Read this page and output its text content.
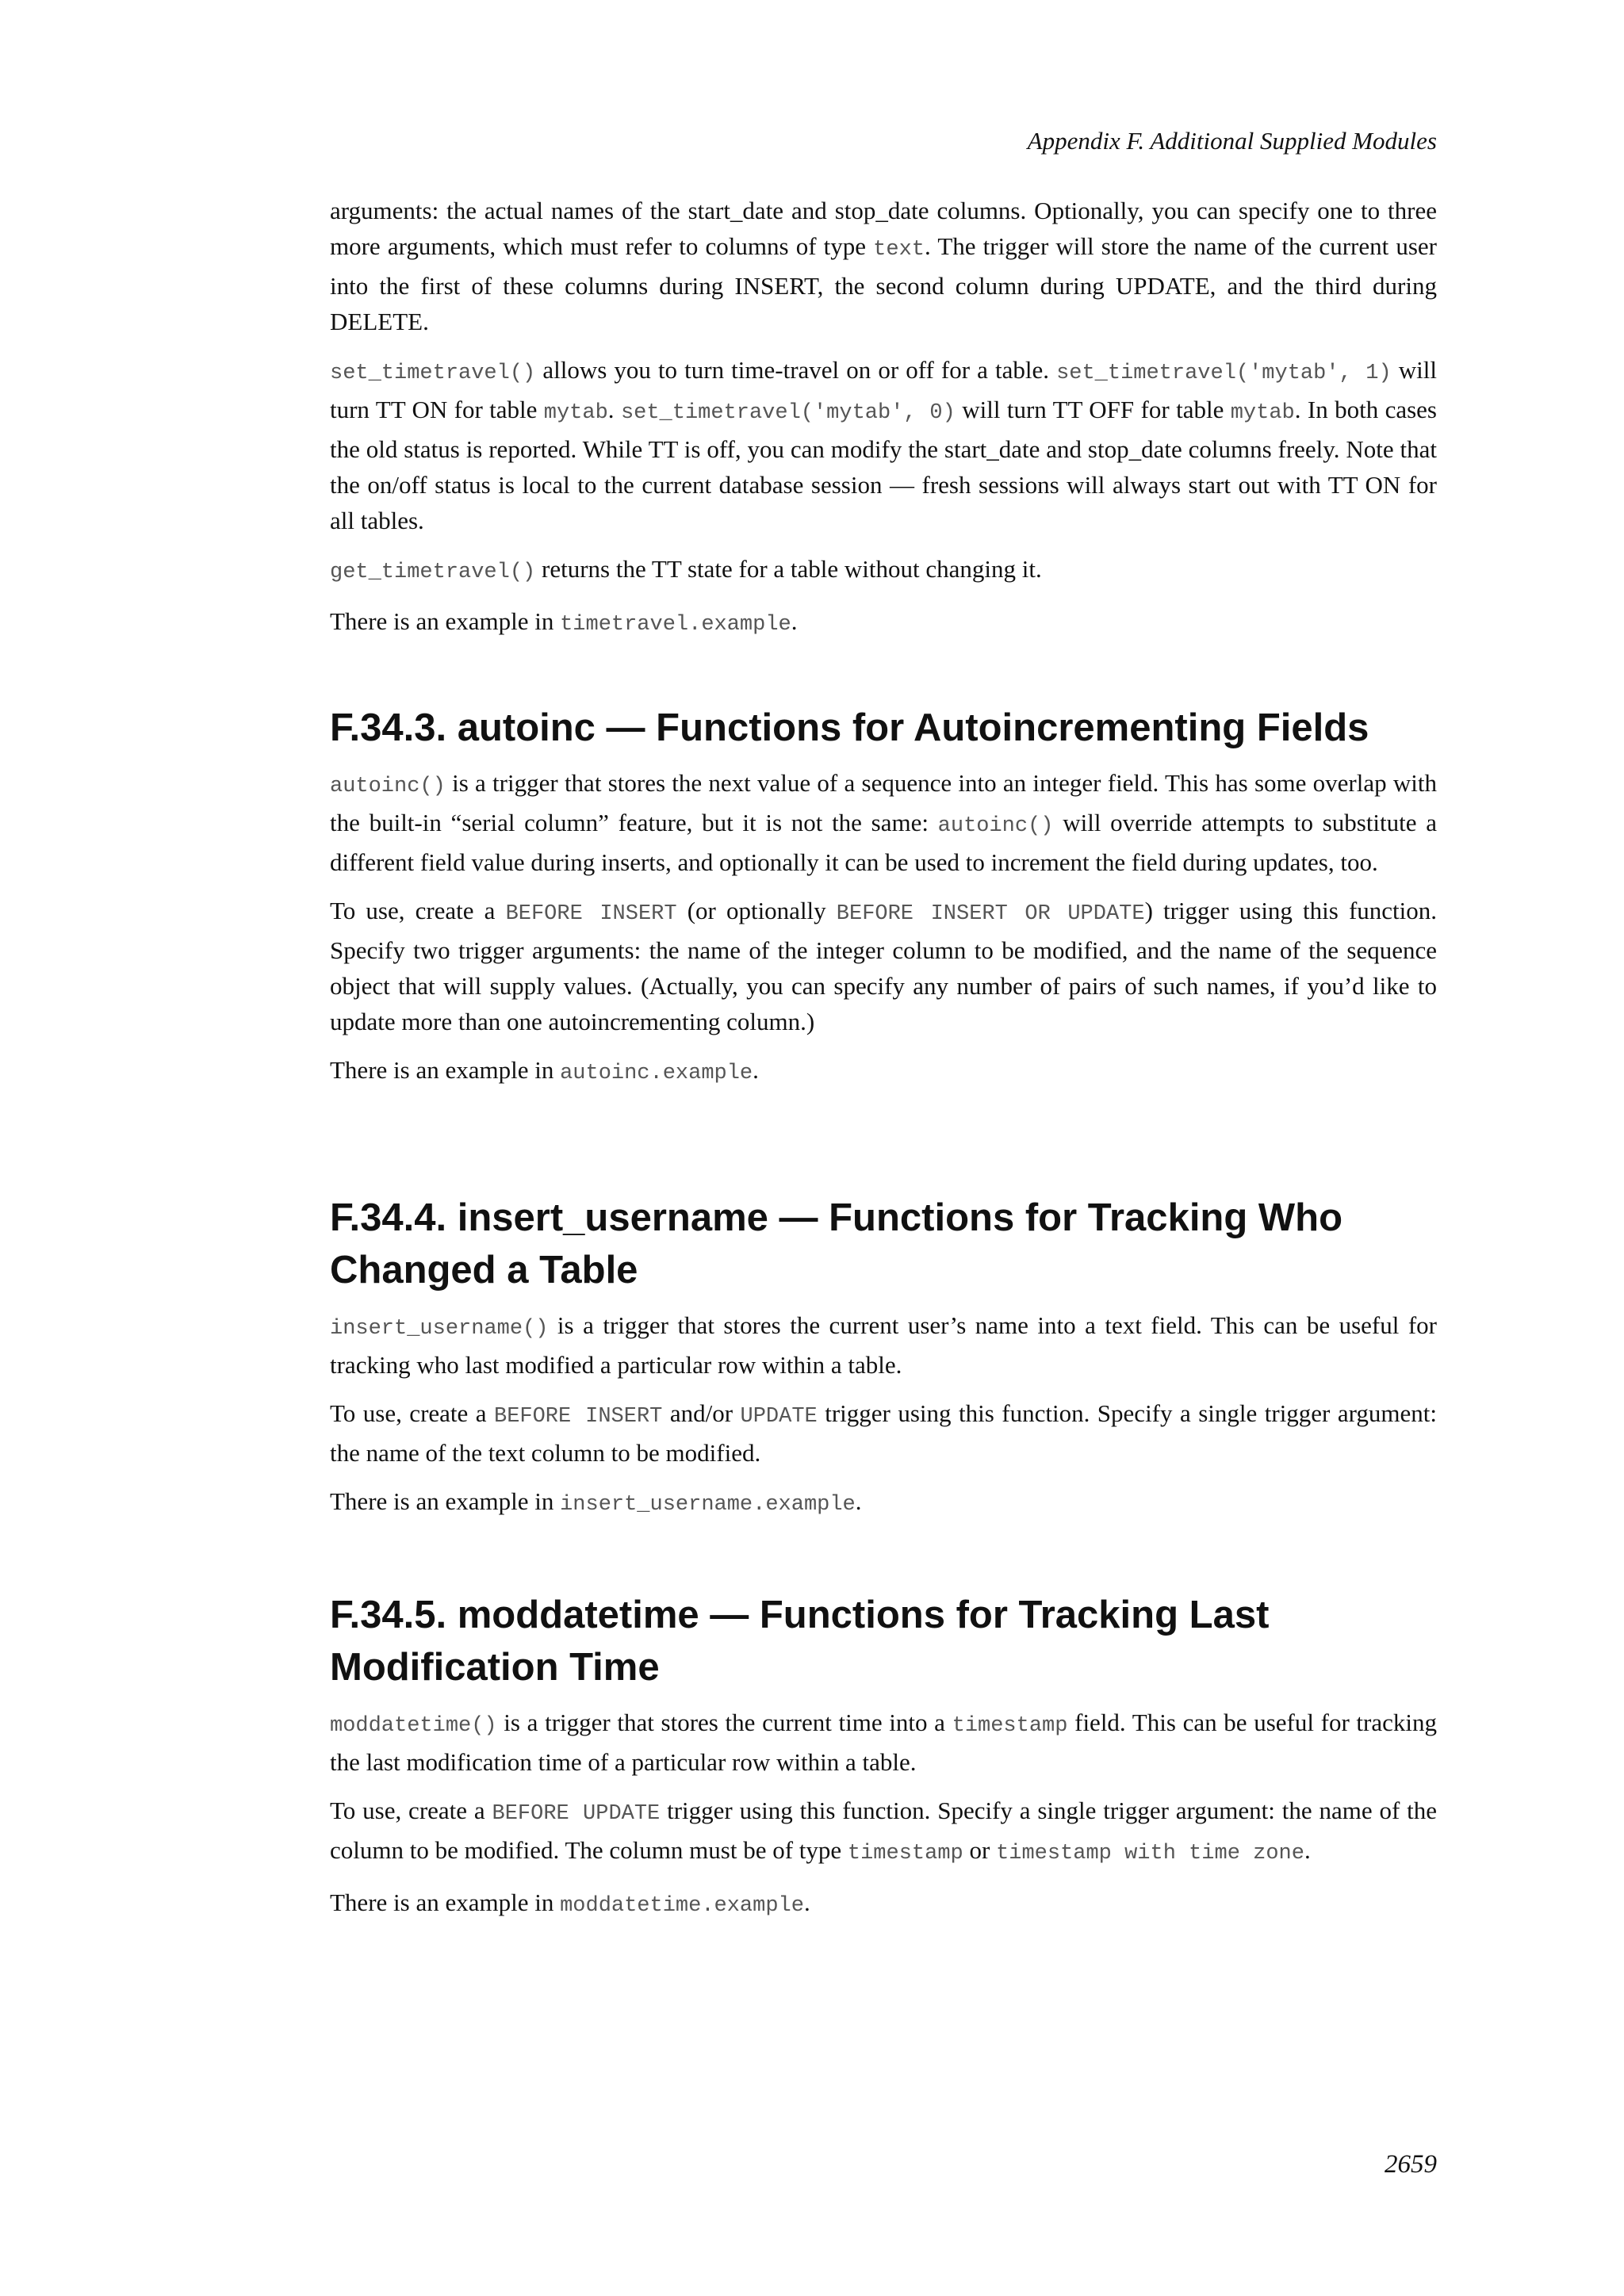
Appendix F. Additional Supplied Modules

arguments: the actual names of the start_date and stop_date columns. Optionally, you can specify one to three more arguments, which must refer to columns of type text. The trigger will store the name of the current user into the first of these columns during INSERT, the second column during UPDATE, and the third during DELETE.

set_timetravel() allows you to turn time-travel on or off for a table. set_timetravel('mytab', 1) will turn TT ON for table mytab. set_timetravel('mytab', 0) will turn TT OFF for table mytab. In both cases the old status is reported. While TT is off, you can modify the start_date and stop_date columns freely. Note that the on/off status is local to the current database session — fresh sessions will always start out with TT ON for all tables.

get_timetravel() returns the TT state for a table without changing it.

There is an example in timetravel.example.

F.34.3. autoinc — Functions for Autoincrementing Fields

autoinc() is a trigger that stores the next value of a sequence into an integer field. This has some overlap with the built-in “serial column” feature, but it is not the same: autoinc() will override attempts to substitute a different field value during inserts, and optionally it can be used to increment the field during updates, too.

To use, create a BEFORE INSERT (or optionally BEFORE INSERT OR UPDATE) trigger using this function. Specify two trigger arguments: the name of the integer column to be modified, and the name of the sequence object that will supply values. (Actually, you can specify any number of pairs of such names, if you’d like to update more than one autoincrementing column.)

There is an example in autoinc.example.

F.34.4. insert_username — Functions for Tracking Who Changed a Table

insert_username() is a trigger that stores the current user’s name into a text field. This can be useful for tracking who last modified a particular row within a table.

To use, create a BEFORE INSERT and/or UPDATE trigger using this function. Specify a single trigger argument: the name of the text column to be modified.

There is an example in insert_username.example.

F.34.5. moddatetime — Functions for Tracking Last Modification Time

moddatetime() is a trigger that stores the current time into a timestamp field. This can be useful for tracking the last modification time of a particular row within a table.

To use, create a BEFORE UPDATE trigger using this function. Specify a single trigger argument: the name of the column to be modified. The column must be of type timestamp or timestamp with time zone.

There is an example in moddatetime.example.

2659
